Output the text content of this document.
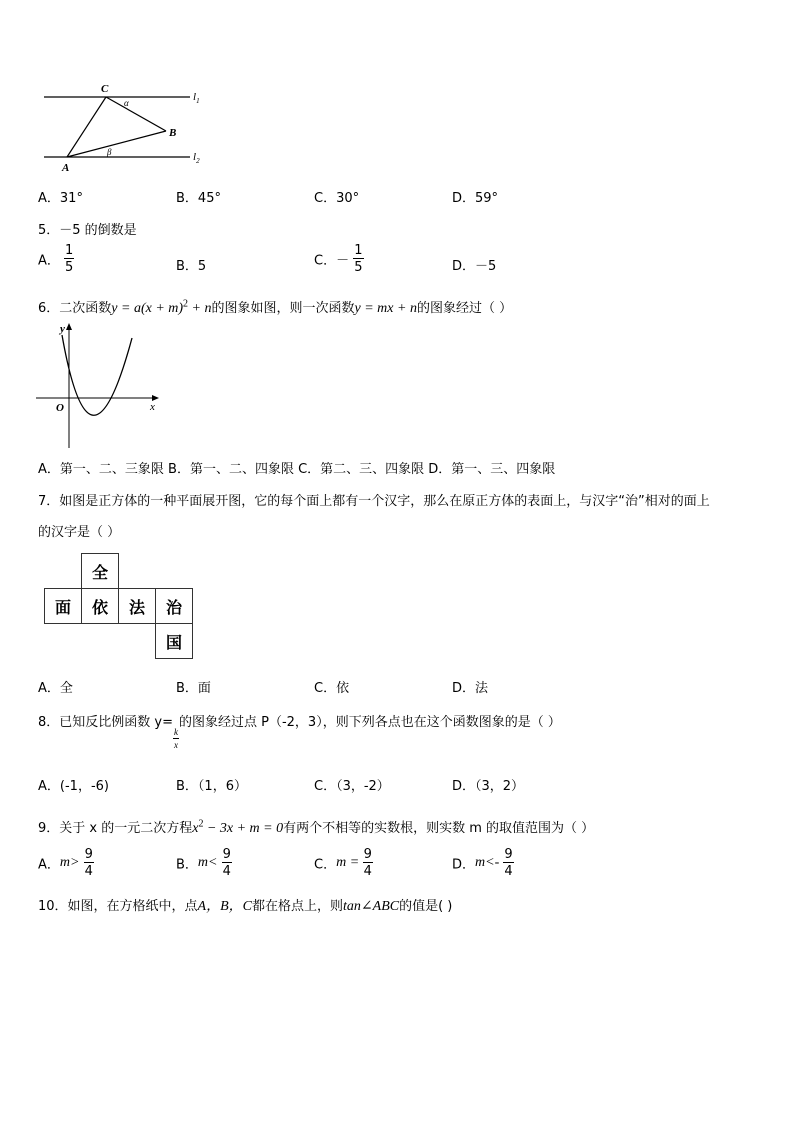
C
B
A
α
β
$l_1$
$l_2$
A．31°	B．45°	C．30°	D．59°
5．－5 的倒数是
A． $\frac{1}{5}$	B．5	C．－ $\frac{1}{5}$	D．－5
6．二次函数$y = a(x + m)^2 + n$的图象如图，则一次函数y = mx + n的图象经过（ ）
y
x
O
A．第一、二、三象限 B．第一、二、四象限 C．第二、三、四象限 D．第一、三、四象限
7．如图是正方体的一种平面展开图，它的每个面上都有一个汉字，那么在原正方体的表面上，与汉字“治”相对的面上
的汉字是（ ）
全
面	依	法	治
国
A．全	B．面	C．依	D．法
8．已知反比例函数 y=
$\frac{k}{x}$
的图象经过点 P（-2，3），则下列各点也在这个函数图象的是（ ）
A．(-1，-6)	B．（1，6）	C．（3，-2）	D．（3，2）
9．关于 x 的一元二次方程$x^2 - 3x + m = 0$有两个不相等的实数根，则实数 m 的取值范围为（ ）
A．$m> \frac{9}{4}$	B．$m< \frac{9}{4}$	C．$m = \frac{9}{4}$	D．$m<- \frac{9}{4}$
10．如图，在方格纸中，点A，B，C都在格点上，则tan∠ABC的值是( )
